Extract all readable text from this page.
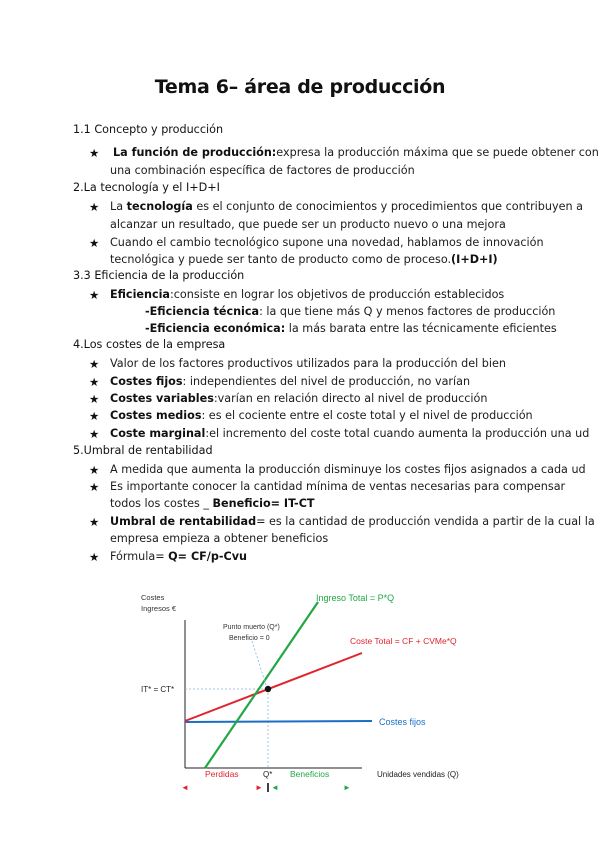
Tema 6– área de producción
1.1 Concepto y producción
★ La función de producción:expresa la producción máxima que se puede obtener con
una combinación específica de factores de producción
2.La tecnología y el I+D+I
★ La tecnología es el conjunto de conocimientos y procedimientos que contribuyen a
alcanzar un resultado, que puede ser un producto nuevo o una mejora
★ Cuando el cambio tecnológico supone una novedad, hablamos de innovación
tecnológica y puede ser tanto de producto como de proceso.(I+D+I)
3.3 Eficiencia de la producción
★ Eficiencia:consiste en lograr los objetivos de producción establecidos
-Eficiencia técnica: la que tiene más Q y menos factores de producción
-Eficiencia económica: la más barata entre las técnicamente eficientes
4.Los costes de la empresa
★ Valor de los factores productivos utilizados para la producción del bien
★ Costes fijos: independientes del nivel de producción, no varían
★ Costes variables:varían en relación directo al nivel de producción
★ Costes medios: es el cociente entre el coste total y el nivel de producción
★ Coste marginal:el incremento del coste total cuando aumenta la producción una ud
5.Umbral de rentabilidad
★ A medida que aumenta la producción disminuye los costes fijos asignados a cada ud
★ Es importante conocer la cantidad mínima de ventas necesarias para compensar
todos los costes _ Beneficio= IT-CT
★ Umbral de rentabilidad= es la cantidad de producción vendida a partir de la cual la
empresa empieza a obtener beneficios
★ Fórmula= Q= CF/p-Cvu
Costes
Ingresos €
IT* = CT*
Punto muerto (Q*)
Beneficio = 0
Ingreso Total = P*Q
Coste Total = CF + CVMe*Q
Costes fijos
Unidades vendidas (Q)
Q*
Perdidas	Beneficios
◄	► ◄	►
